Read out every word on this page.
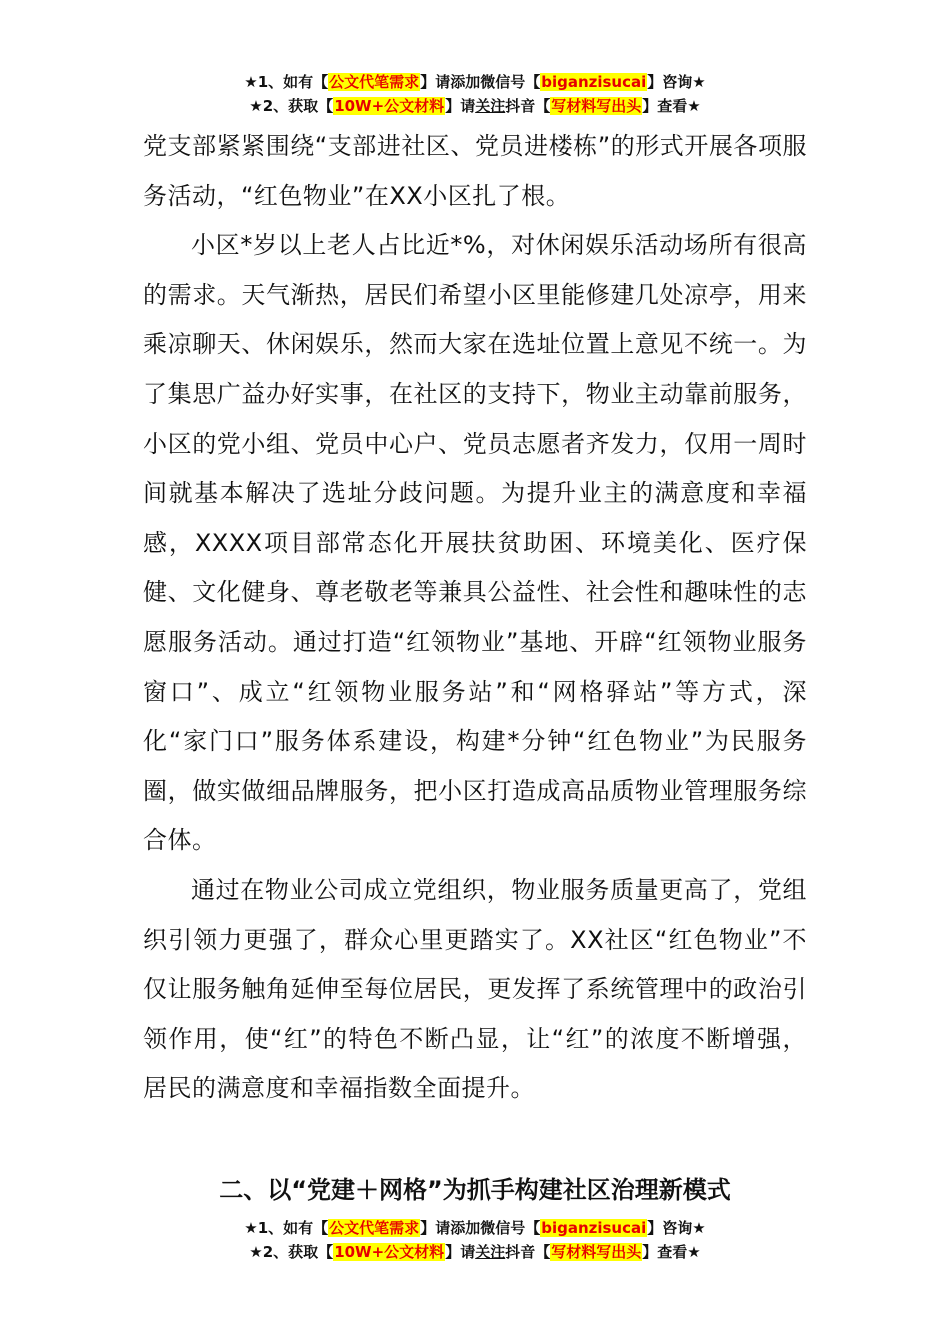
★1、如有【公文代笔需求】请添加微信号【biganzisucai】咨询★
★2、获取【10W+公文材料】请关注抖音【写材料写出头】查看★

党支部紧紧围绕“支部进社区、党员进楼栋”的形式开展各项服务活动，“红色物业”在XX小区扎了根。

小区*岁以上老人占比近*%，对休闲娱乐活动场所有很高的需求。天气渐热，居民们希望小区里能修建几处凉亭，用来乘凉聊天、休闲娱乐，然而大家在选址位置上意见不统一。为了集思广益办好实事，在社区的支持下，物业主动靠前服务，小区的党小组、党员中心户、党员志愿者齐发力，仅用一周时间就基本解决了选址分歧问题。为提升业主的满意度和幸福感，XXXX项目部常态化开展扶贫助困、环境美化、医疗保健、文化健身、尊老敬老等兼具公益性、社会性和趣味性的志愿服务活动。通过打造“红领物业”基地、开辟“红领物业服务窗口”、成立“红领物业服务站”和“网格驿站”等方式，深化“家门口”服务体系建设，构建*分钟“红色物业”为民服务圈，做实做细品牌服务，把小区打造成高品质物业管理服务综合体。

通过在物业公司成立党组织，物业服务质量更高了，党组织引领力更强了，群众心里更踏实了。XX社区“红色物业”不仅让服务触角延伸至每位居民，更发挥了系统管理中的政治引领作用，使“红”的特色不断凸显，让“红”的浓度不断增强，居民的满意度和幸福指数全面提升。

二、以“党建＋网格”为抓手构建社区治理新模式
★1、如有【公文代笔需求】请添加微信号【biganzisucai】咨询★
★2、获取【10W+公文材料】请关注抖音【写材料写出头】查看★
